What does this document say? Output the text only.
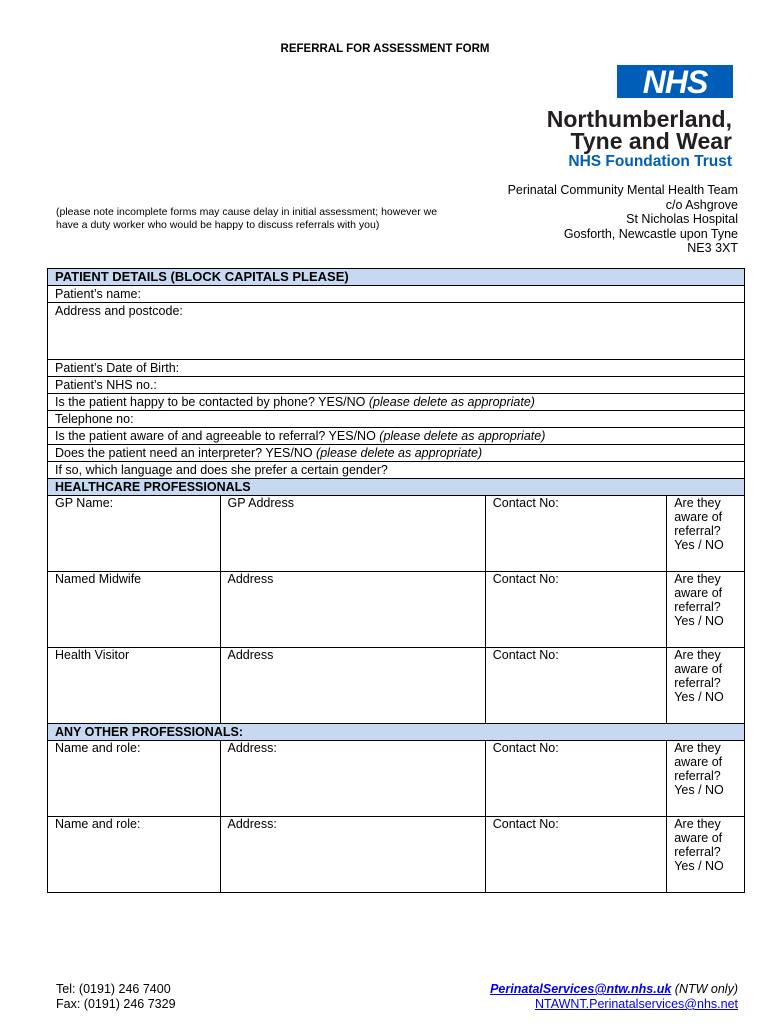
REFERRAL FOR ASSESSMENT FORM
NHS
Northumberland,
Tyne and Wear
NHS Foundation Trust
Perinatal Community Mental Health Team
c/o Ashgrove
St Nicholas Hospital
Gosforth, Newcastle upon Tyne
NE3 3XT
(please note incomplete forms may cause delay in initial assessment; however we have a duty worker who would be happy to discuss referrals with you)
PATIENT DETAILS (BLOCK CAPITALS PLEASE)
Patient’s name:
Address and postcode:
Patient’s Date of Birth:
Patient’s NHS no.:
Is the patient happy to be contacted by phone? YES/NO (please delete as appropriate)
Telephone no:
Is the patient aware of and agreeable to referral? YES/NO (please delete as appropriate)
Does the patient need an interpreter? YES/NO (please delete as appropriate)
If so, which language and does she prefer a certain gender?
HEALTHCARE PROFESSIONALS
GP Name:	GP Address	Contact No:	Are they
aware of
referral?
Yes / NO
Named Midwife	Address	Contact No:	Are they
aware of
referral?
Yes / NO
Health Visitor	Address	Contact No:	Are they
aware of
referral?
Yes / NO
ANY OTHER PROFESSIONALS:
Name and role:	Address:	Contact No:	Are they
aware of
referral?
Yes / NO
Name and role:	Address:	Contact No:	Are they
aware of
referral?
Yes / NO
Tel: (0191) 246 7400
Fax: (0191) 246 7329
PerinatalServices@ntw.nhs.uk (NTW only)
NTAWNT.Perinatalservices@nhs.net
